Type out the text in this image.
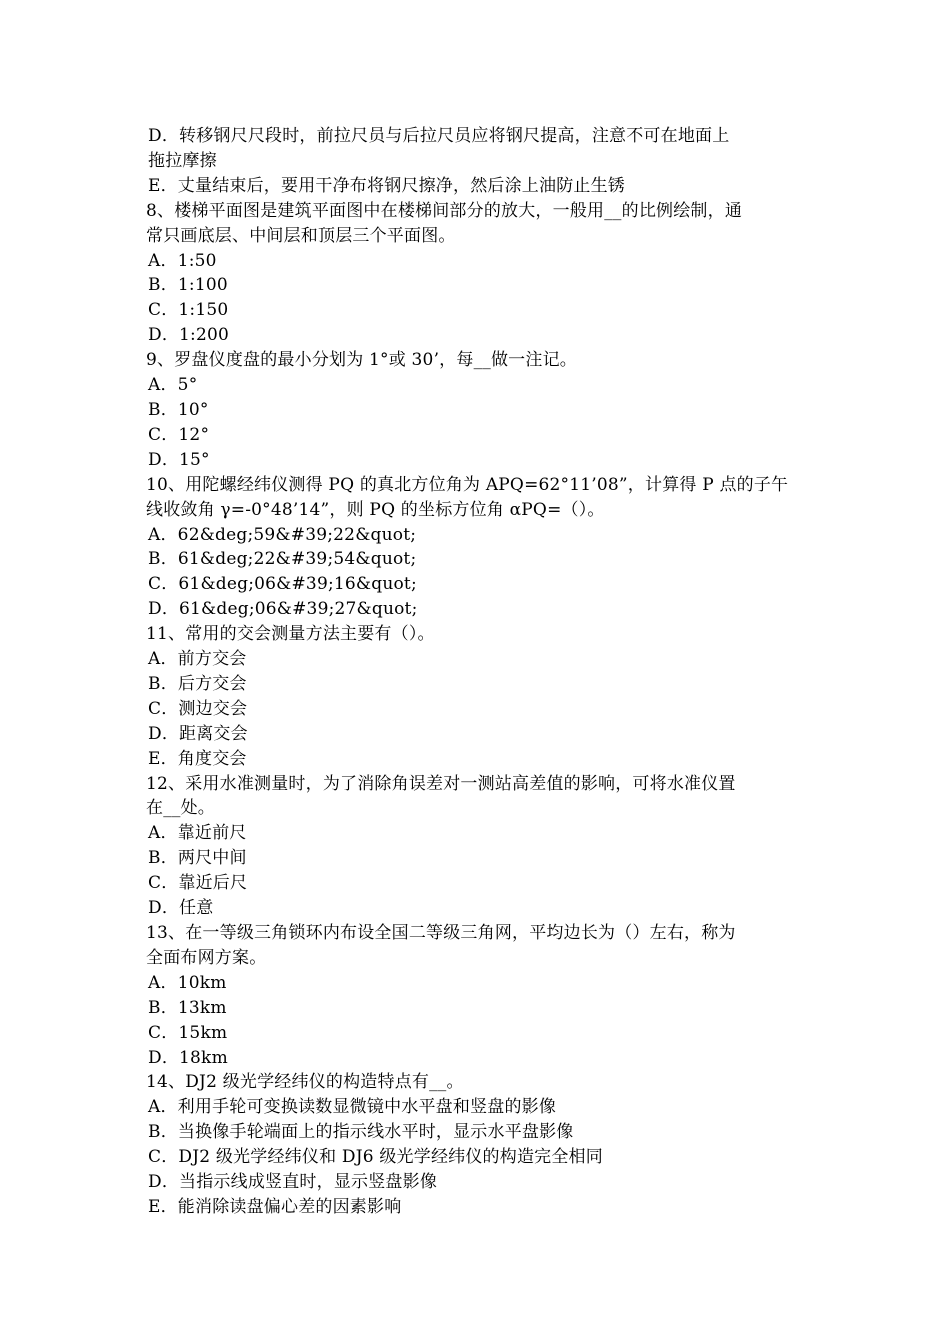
D．转移钢尺尺段时，前拉尺员与后拉尺员应将钢尺提高，注意不可在地面上
拖拉摩擦
E．丈量结束后，要用干净布将钢尺擦净，然后涂上油防止生锈
8、楼梯平面图是建筑平面图中在楼梯间部分的放大，一般用__的比例绘制，通
常只画底层、中间层和顶层三个平面图。
A．1:50
B．1:100
C．1:150
D．1:200
9、罗盘仪度盘的最小分划为 1°或 30’，每__做一注记。
A．5°
B．10°
C．12°
D．15°
10、用陀螺经纬仪测得 PQ 的真北方位角为 APQ=62°11’08”，计算得 P 点的子午
线收敛角 γ=-0°48’14”，则 PQ 的坐标方位角 αPQ=（）。
A．62&deg;59&#39;22&quot;
B．61&deg;22&#39;54&quot;
C．61&deg;06&#39;16&quot;
D．61&deg;06&#39;27&quot;
11、常用的交会测量方法主要有（）。
A．前方交会
B．后方交会
C．测边交会
D．距离交会
E．角度交会
12、采用水准测量时，为了消除角误差对一测站高差值的影响，可将水准仪置
在__处。
A．靠近前尺
B．两尺中间
C．靠近后尺
D．任意
13、在一等级三角锁环内布设全国二等级三角网，平均边长为（）左右，称为
全面布网方案。
A．10km
B．13km
C．15km
D．18km
14、DJ2 级光学经纬仪的构造特点有__。
A．利用手轮可变换读数显微镜中水平盘和竖盘的影像
B．当换像手轮端面上的指示线水平时，显示水平盘影像
C．DJ2 级光学经纬仪和 DJ6 级光学经纬仪的构造完全相同
D．当指示线成竖直时，显示竖盘影像
E．能消除读盘偏心差的因素影响
